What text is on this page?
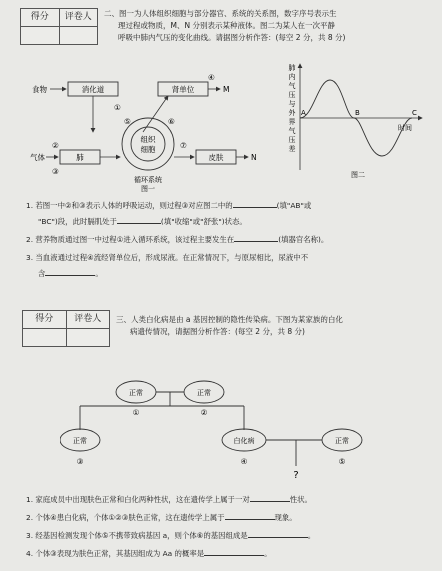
得分	评卷人	二、图一为人体组织细胞与部分器官、系统的关系图，数字序号表示生
理过程或物质，M、N 分别表示某种液体。图二为某人在一次平静
呼吸中肺内气压的变化曲线。请据图分析作答：(每空 2 分，共 8 分)
食物	消化道
①
肾单位	M
④
组织
细胞
⑤	⑥
气体	肺
②
③
循环系统
皮肤
⑦
N
图一
肺
内
气
压
与
外
界
气
压
差
A	B	C
时间
图二
1. 若图一中②和③表示人体的呼吸运动，则过程③对应图二中的	(填"AB"或
"BC")段，此时膈肌处于	(填"收缩"或"舒张")状态。
2. 营养物质通过图一中过程①进入循环系统，该过程主要发生在	(填器官名称)。
3. 当血液通过过程④流经肾单位后，形成尿液。在正常情况下，与原尿相比，尿液中不
含	。
得分	评卷人	三、人类白化病是由 a 基因控制的隐性传染病。下图为某家族的白化
病遗传情况，请据图分析作答：(每空 2 分，共 8 分)
正常
①
正常
②
正常
③
白化病
④
正常
⑤
?
1. 家庭成员中出现肤色正常和白化两种性状，这在遗传学上属于一对	性状。
2. 个体④患白化病，个体①②③肤色正常，这在遗传学上属于	现象。
3. 经基因检测发现个体⑤不携带致病基因 a，则个体⑥的基因组成是	。
4. 个体③表现为肤色正常，其基因组成为 Aa 的概率是	。
